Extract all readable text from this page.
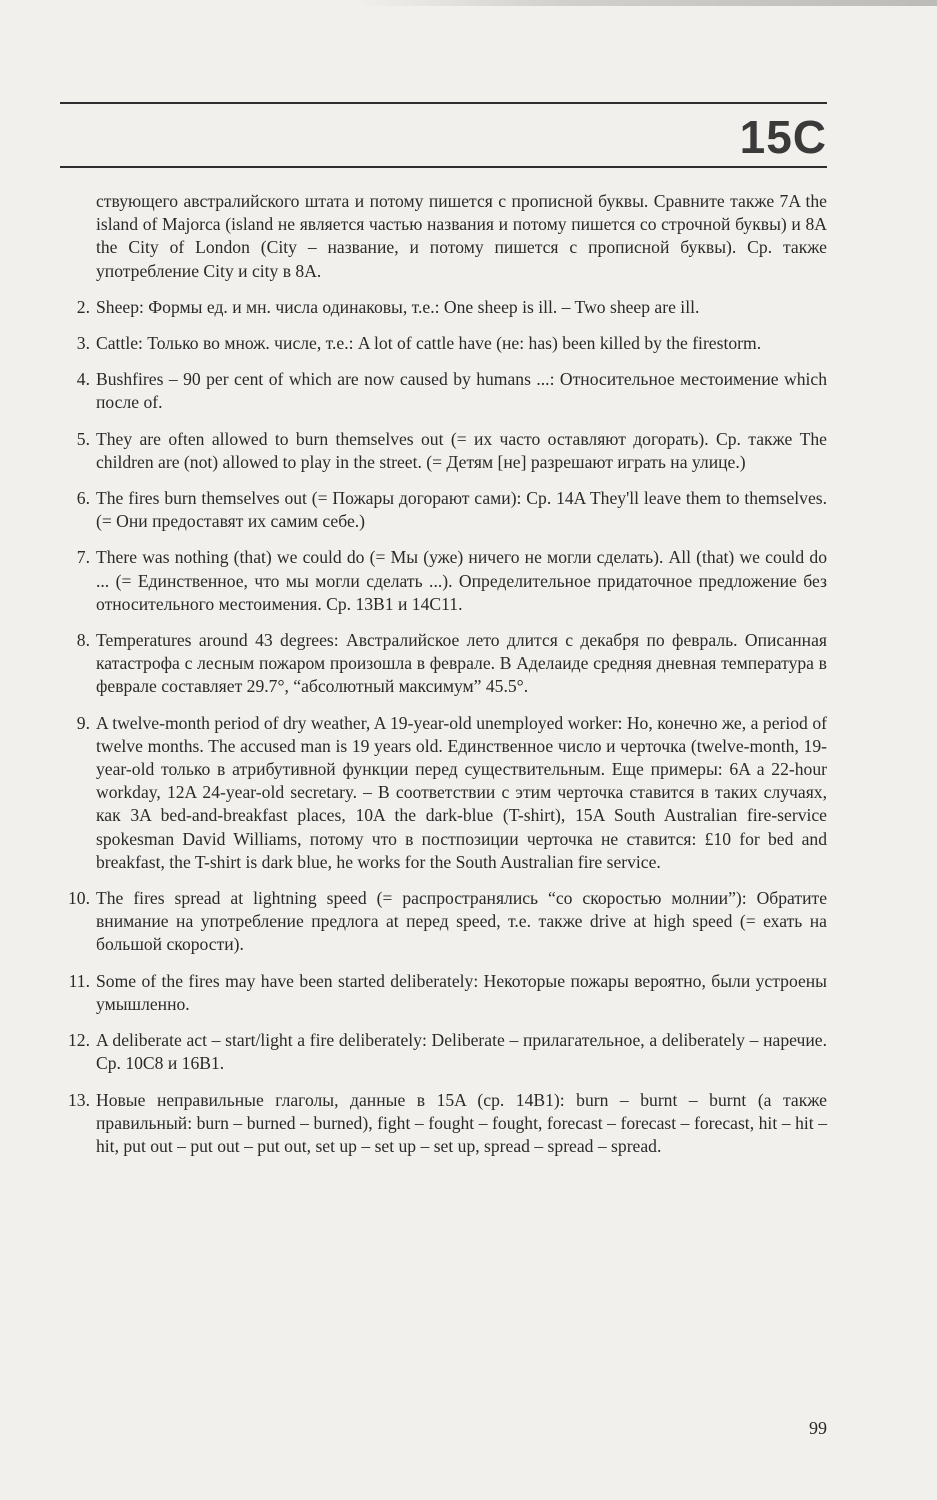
15C

ствующего австралийского штата и потому пишется с прописной буквы. Сравните также 7A the island of Majorca (island не является частью названия и потому пишется со строчной буквы) и 8A the City of London (City – название, и потому пишется с прописной буквы). Ср. также употребление City и city в 8A.

2. Sheep: Формы ед. и мн. числа одинаковы, т.е.: One sheep is ill. – Two sheep are ill.
3. Cattle: Только во множ. числе, т.е.: A lot of cattle have (не: has) been killed by the firestorm.
4. Bushfires – 90 per cent of which are now caused by humans ...: Относительное местоимение which после of.
5. They are often allowed to burn themselves out (= их часто оставляют догорать). Ср. также The children are (not) allowed to play in the street. (= Детям [не] разрешают играть на улице.)
6. The fires burn themselves out (= Пожары догорают сами): Ср. 14A They'll leave them to themselves. (= Они предоставят их самим себе.)
7. There was nothing (that) we could do (= Мы (уже) ничего не могли сделать). All (that) we could do ... (= Единственное, что мы могли сделать ...). Определительное придаточное предложение без относительного местоимения. Ср. 13B1 и 14C11.
8. Temperatures around 43 degrees: Австралийское лето длится с декабря по февраль. Описанная катастрофа с лесным пожаром произошла в феврале. В Аделаиде средняя дневная температура в феврале составляет 29.7°, “абсолютный максимум” 45.5°.
9. A twelve-month period of dry weather, A 19-year-old unemployed worker: Но, конечно же, a period of twelve months. The accused man is 19 years old. Единственное число и черточка (twelve-month, 19-year-old только в атрибутивной функции перед существительным. Еще примеры: 6A a 22-hour workday, 12A 24-year-old secretary. – В соответствии с этим черточка ставится в таких случаях, как 3A bed-and-breakfast places, 10A the dark-blue (T-shirt), 15A South Australian fire-service spokesman David Williams, потому что в постпозиции черточка не ставится: £10 for bed and breakfast, the T-shirt is dark blue, he works for the South Australian fire service.
10. The fires spread at lightning speed (= распространялись “со скоростью молнии”): Обратите внимание на употребление предлога at перед speed, т.е. также drive at high speed (= ехать на большой скорости).
11. Some of the fires may have been started deliberately: Некоторые пожары вероятно, были устроены умышленно.
12. A deliberate act – start/light a fire deliberately: Deliberate – прилагательное, a deliberately – наречие. Ср. 10C8 и 16B1.
13. Новые неправильные глаголы, данные в 15A (ср. 14B1): burn – burnt – burnt (а также правильный: burn – burned – burned), fight – fought – fought, forecast – forecast – forecast, hit – hit – hit, put out – put out – put out, set up – set up – set up, spread – spread – spread.
99
